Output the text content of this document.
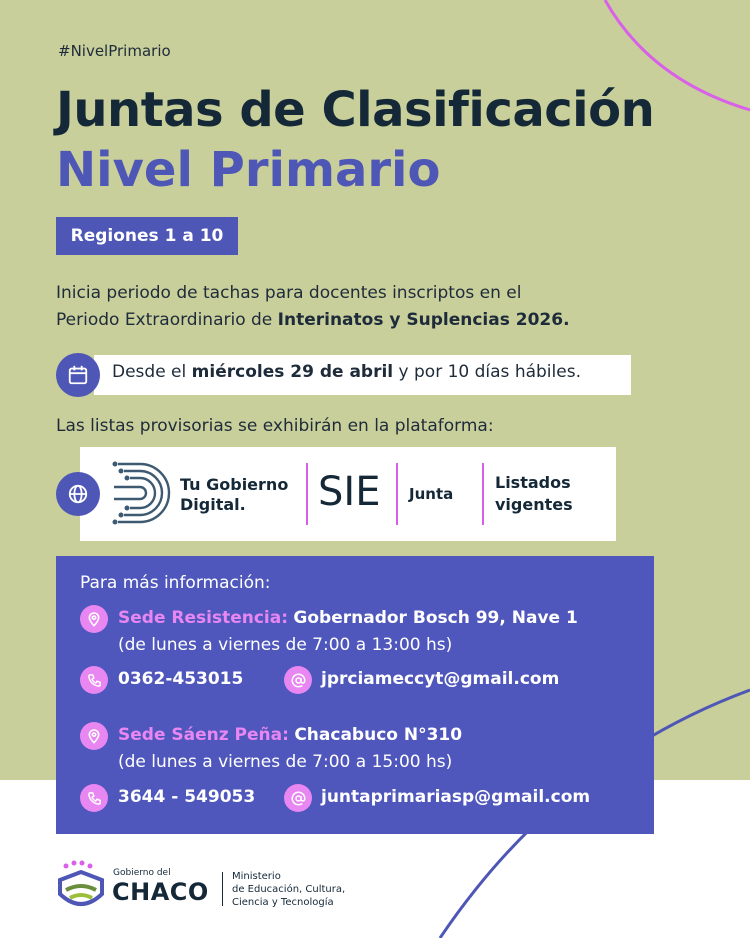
#NivelPrimario
Juntas de Clasificación
Nivel Primario
Regiones 1 a 10
Inicia periodo de tachas para docentes inscriptos en el
Periodo Extraordinario de Interinatos y Suplencias 2026.
Desde el miércoles 29 de abril y por 10 días hábiles.
Las listas provisorias se exhibirán en la plataforma:
Tu Gobierno
Digital.	SIE Junta
Listados
vigentes
Para más información:
Sede Resistencia: Gobernador Bosch 99, Nave 1
(de lunes a viernes de 7:00 a 13:00 hs)
0362-453015	jprciameccyt@gmail.com
Sede Sáenz Peña: Chacabuco N°310
(de lunes a viernes de 7:00 a 15:00 hs)
3644 - 549053	juntaprimariasp@gmail.com
Gobierno del
CHACO
Ministerio
de Educación, Cultura,
Ciencia y Tecnología
